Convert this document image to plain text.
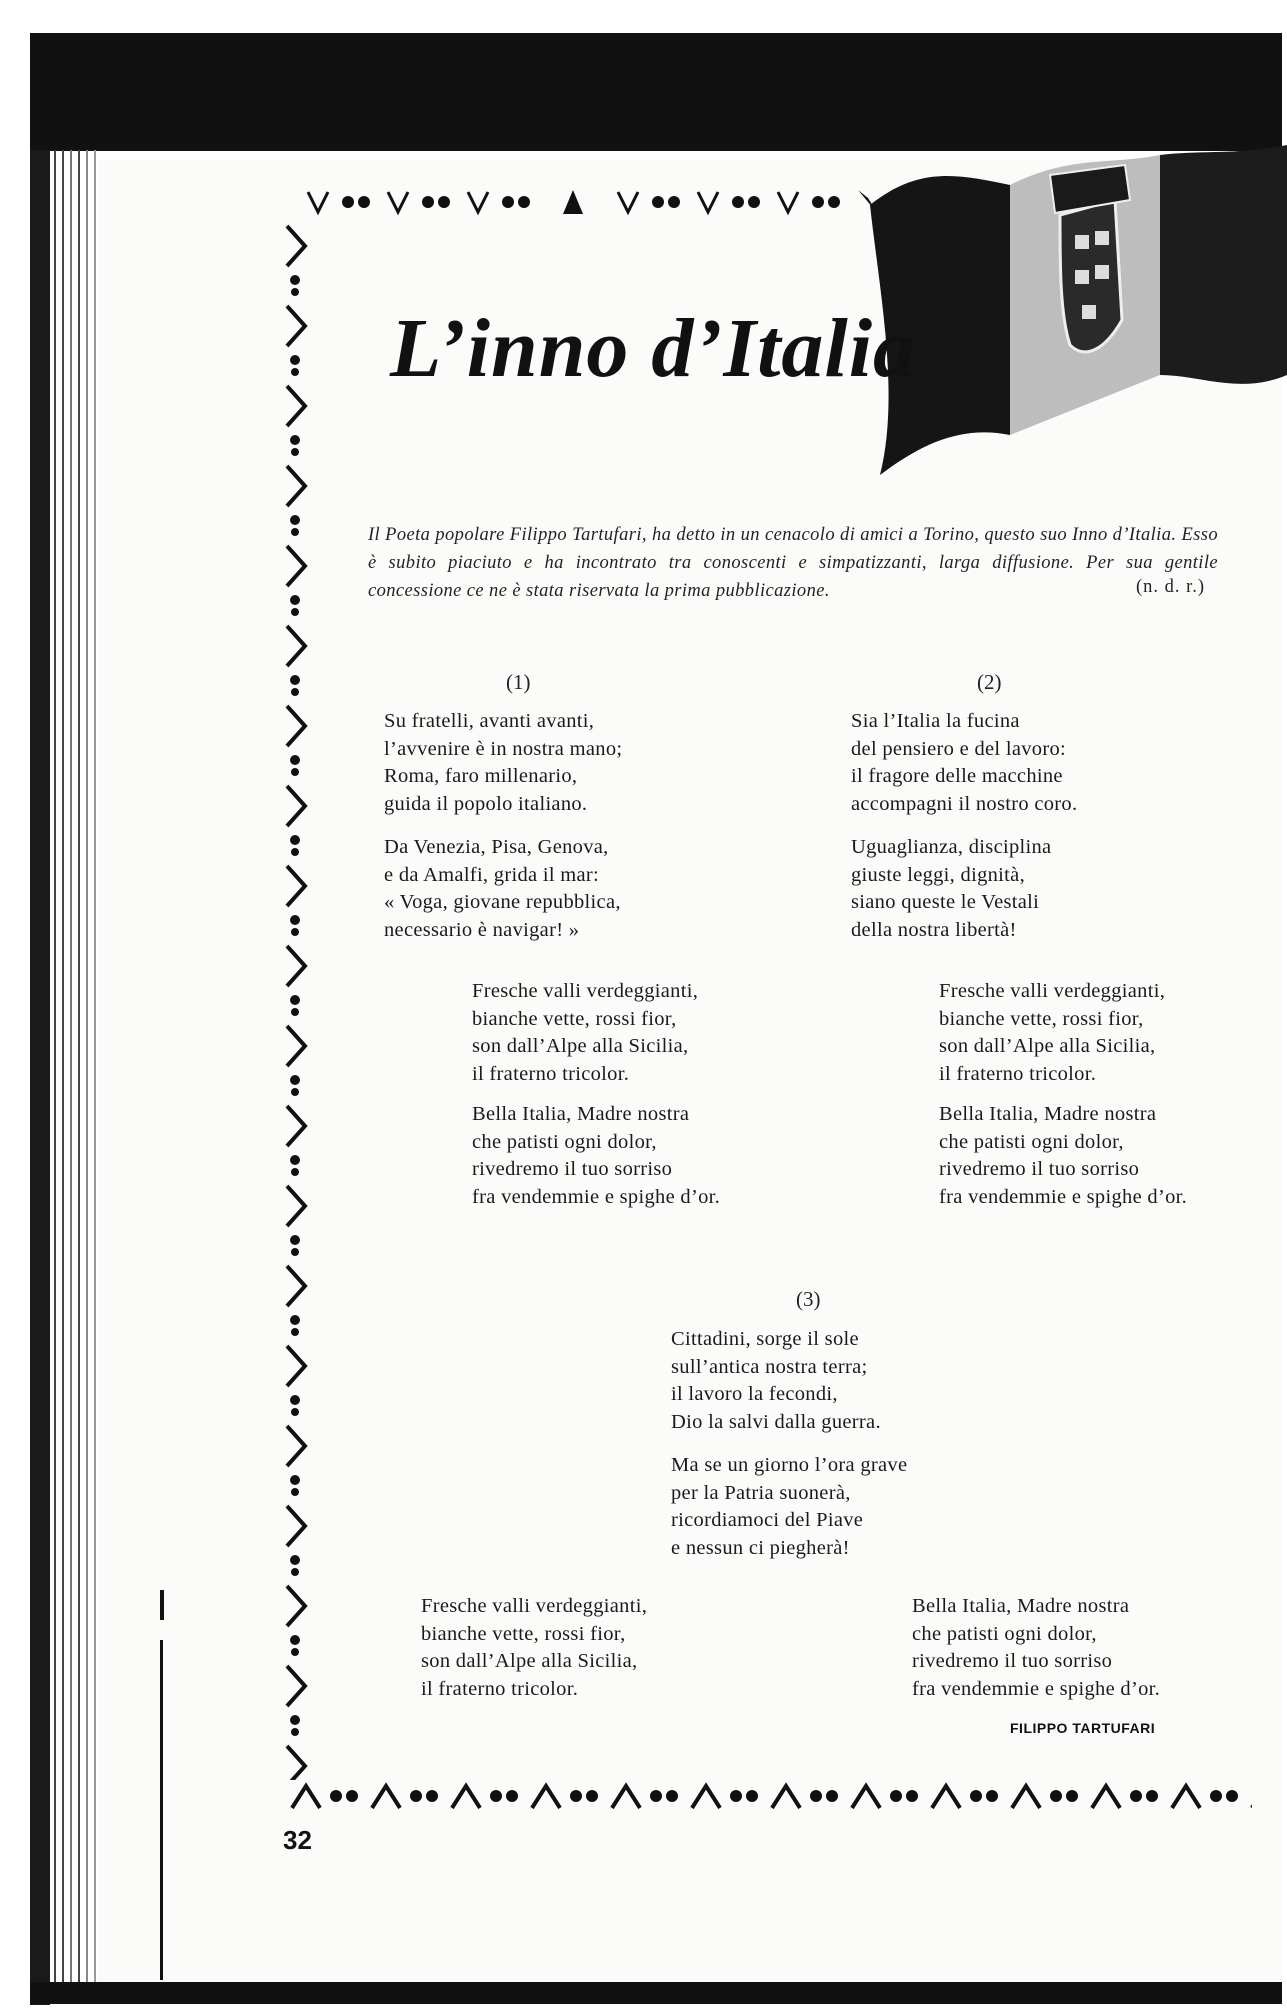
L’inno d’Italia

Il Poeta popolare Filippo Tartufari, ha detto in un cenacolo di amici a Torino, questo suo Inno d’Italia. Esso è subito piaciuto e ha incontrato tra conoscenti e simpatizzanti, larga diffusione. Per sua gentile concessione ce ne è stata riservata la prima pubblicazione.	(n. d. r.)
(1)
Su fratelli, avanti avanti,
l’avvenire è in nostra mano;
Roma, faro millenario,
guida il popolo italiano.
Da Venezia, Pisa, Genova,
e da Amalfi, grida il mar:
« Voga, giovane repubblica,
necessario è navigar! »
Fresche valli verdeggianti,
bianche vette, rossi fior,
son dall’Alpe alla Sicilia,
il fraterno tricolor.
Bella Italia, Madre nostra
che patisti ogni dolor,
rivedremo il tuo sorriso
fra vendemmie e spighe d’or.
(2)
Sia l’Italia la fucina
del pensiero e del lavoro:
il fragore delle macchine
accompagni il nostro coro.
Uguaglianza, disciplina
giuste leggi, dignità,
siano queste le Vestali
della nostra libertà!
Fresche valli verdeggianti,
bianche vette, rossi fior,
son dall’Alpe alla Sicilia,
il fraterno tricolor.
Bella Italia, Madre nostra
che patisti ogni dolor,
rivedremo il tuo sorriso
fra vendemmie e spighe d’or.
(3)
Cittadini, sorge il sole
sull’antica nostra terra;
il lavoro la fecondi,
Dio la salvi dalla guerra.
Ma se un giorno l’ora grave
per la Patria suonerà,
ricordiamoci del Piave
e nessun ci piegherà!
Fresche valli verdeggianti,
bianche vette, rossi fior,
son dall’Alpe alla Sicilia,
il fraterno tricolor.
Bella Italia, Madre nostra
che patisti ogni dolor,
rivedremo il tuo sorriso
fra vendemmie e spighe d’or.
FILIPPO TARTUFARI
32
